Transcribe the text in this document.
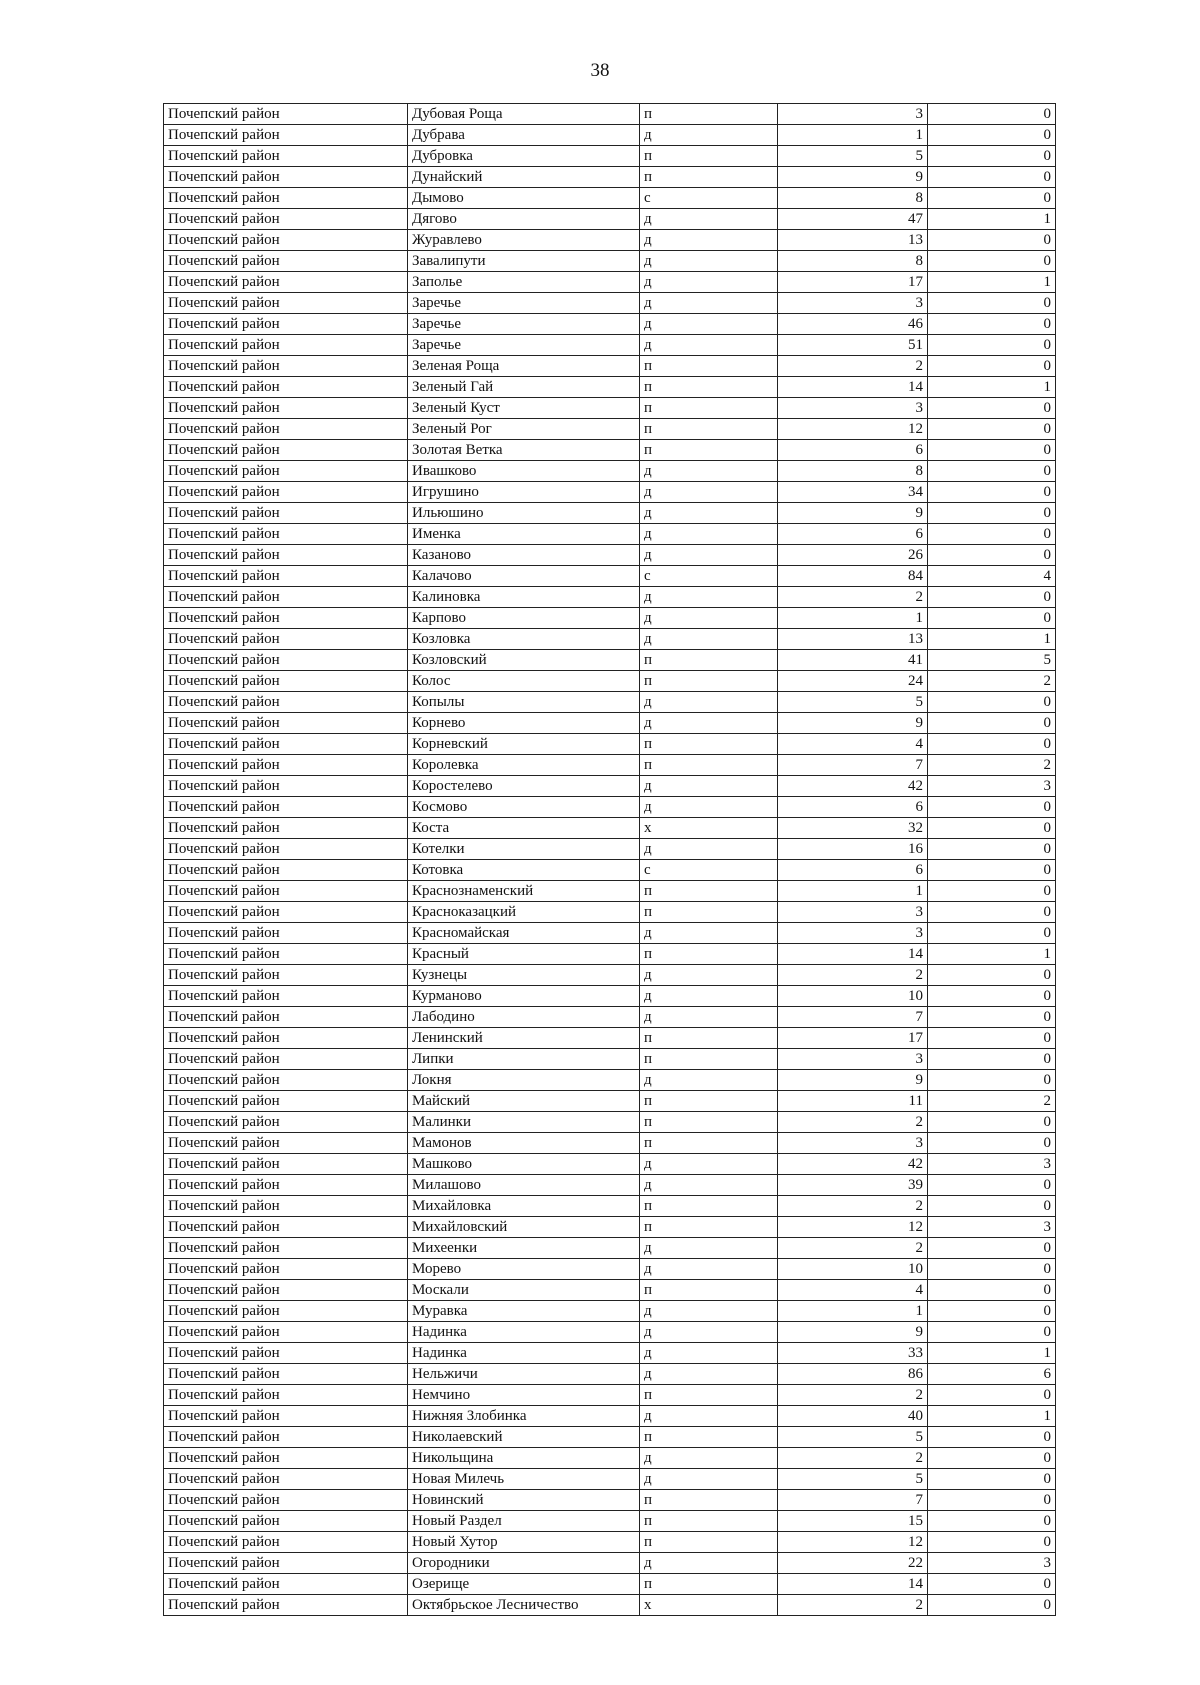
38
Почепский район	Дубовая Роща	п	3	0
Почепский район	Дубрава	д	1	0
Почепский район	Дубровка	п	5	0
Почепский район	Дунайский	п	9	0
Почепский район	Дымово	с	8	0
Почепский район	Дягово	д	47	1
Почепский район	Журавлево	д	13	0
Почепский район	Завалипути	д	8	0
Почепский район	Заполье	д	17	1
Почепский район	Заречье	д	3	0
Почепский район	Заречье	д	46	0
Почепский район	Заречье	д	51	0
Почепский район	Зеленая Роща	п	2	0
Почепский район	Зеленый Гай	п	14	1
Почепский район	Зеленый Куст	п	3	0
Почепский район	Зеленый Рог	п	12	0
Почепский район	Золотая Ветка	п	6	0
Почепский район	Ивашково	д	8	0
Почепский район	Игрушино	д	34	0
Почепский район	Ильюшино	д	9	0
Почепский район	Именка	д	6	0
Почепский район	Казаново	д	26	0
Почепский район	Калачово	с	84	4
Почепский район	Калиновка	д	2	0
Почепский район	Карпово	д	1	0
Почепский район	Козловка	д	13	1
Почепский район	Козловский	п	41	5
Почепский район	Колос	п	24	2
Почепский район	Копылы	д	5	0
Почепский район	Корнево	д	9	0
Почепский район	Корневский	п	4	0
Почепский район	Королевка	п	7	2
Почепский район	Коростелево	д	42	3
Почепский район	Космово	д	6	0
Почепский район	Коста	х	32	0
Почепский район	Котелки	д	16	0
Почепский район	Котовка	с	6	0
Почепский район	Краснознаменский	п	1	0
Почепский район	Красноказацкий	п	3	0
Почепский район	Красномайская	д	3	0
Почепский район	Красный	п	14	1
Почепский район	Кузнецы	д	2	0
Почепский район	Курманово	д	10	0
Почепский район	Лабодино	д	7	0
Почепский район	Ленинский	п	17	0
Почепский район	Липки	п	3	0
Почепский район	Локня	д	9	0
Почепский район	Майский	п	11	2
Почепский район	Малинки	п	2	0
Почепский район	Мамонов	п	3	0
Почепский район	Машково	д	42	3
Почепский район	Милашово	д	39	0
Почепский район	Михайловка	п	2	0
Почепский район	Михайловский	п	12	3
Почепский район	Михеенки	д	2	0
Почепский район	Морево	д	10	0
Почепский район	Москали	п	4	0
Почепский район	Муравка	д	1	0
Почепский район	Надинка	д	9	0
Почепский район	Надинка	д	33	1
Почепский район	Нельжичи	д	86	6
Почепский район	Немчино	п	2	0
Почепский район	Нижняя Злобинка	д	40	1
Почепский район	Николаевский	п	5	0
Почепский район	Никольщина	д	2	0
Почепский район	Новая Милечь	д	5	0
Почепский район	Новинский	п	7	0
Почепский район	Новый Раздел	п	15	0
Почепский район	Новый Хутор	п	12	0
Почепский район	Огородники	д	22	3
Почепский район	Озерище	п	14	0
Почепский район	Октябрьское Лесничество	х	2	0
